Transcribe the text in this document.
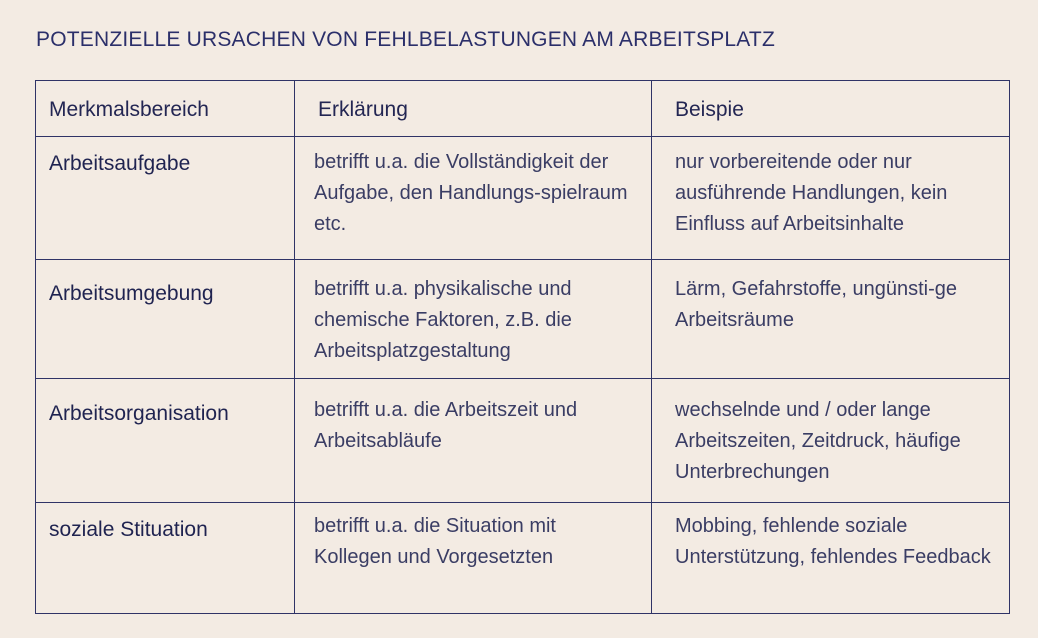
POTENZIELLE URSACHEN VON FEHLBELASTUNGEN AM ARBEITSPLATZ
Merkmalsbereich	Erklärung	Beispie

Arbeitsaufgabe	betrifft u.a. die Vollständigkeit der Aufgabe, den Handlungs-spielraum etc.	nur vorbereitende oder nur ausführende Handlungen, kein Einfluss auf Arbeitsinhalte

Arbeitsumgebung	betrifft u.a. physikalische und chemische Faktoren, z.B. die Arbeitsplatzgestaltung	Lärm, Gefahrstoffe, ungünsti-ge Arbeitsräume

Arbeitsorganisation	betrifft u.a. die Arbeitszeit und Arbeitsabläufe	wechselnde und / oder lange Arbeitszeiten, Zeitdruck, häufige Unterbrechungen

soziale Stituation	betrifft u.a. die Situation mit Kollegen und Vorgesetzten	Mobbing, fehlende soziale Unterstützung, fehlendes Feedback
